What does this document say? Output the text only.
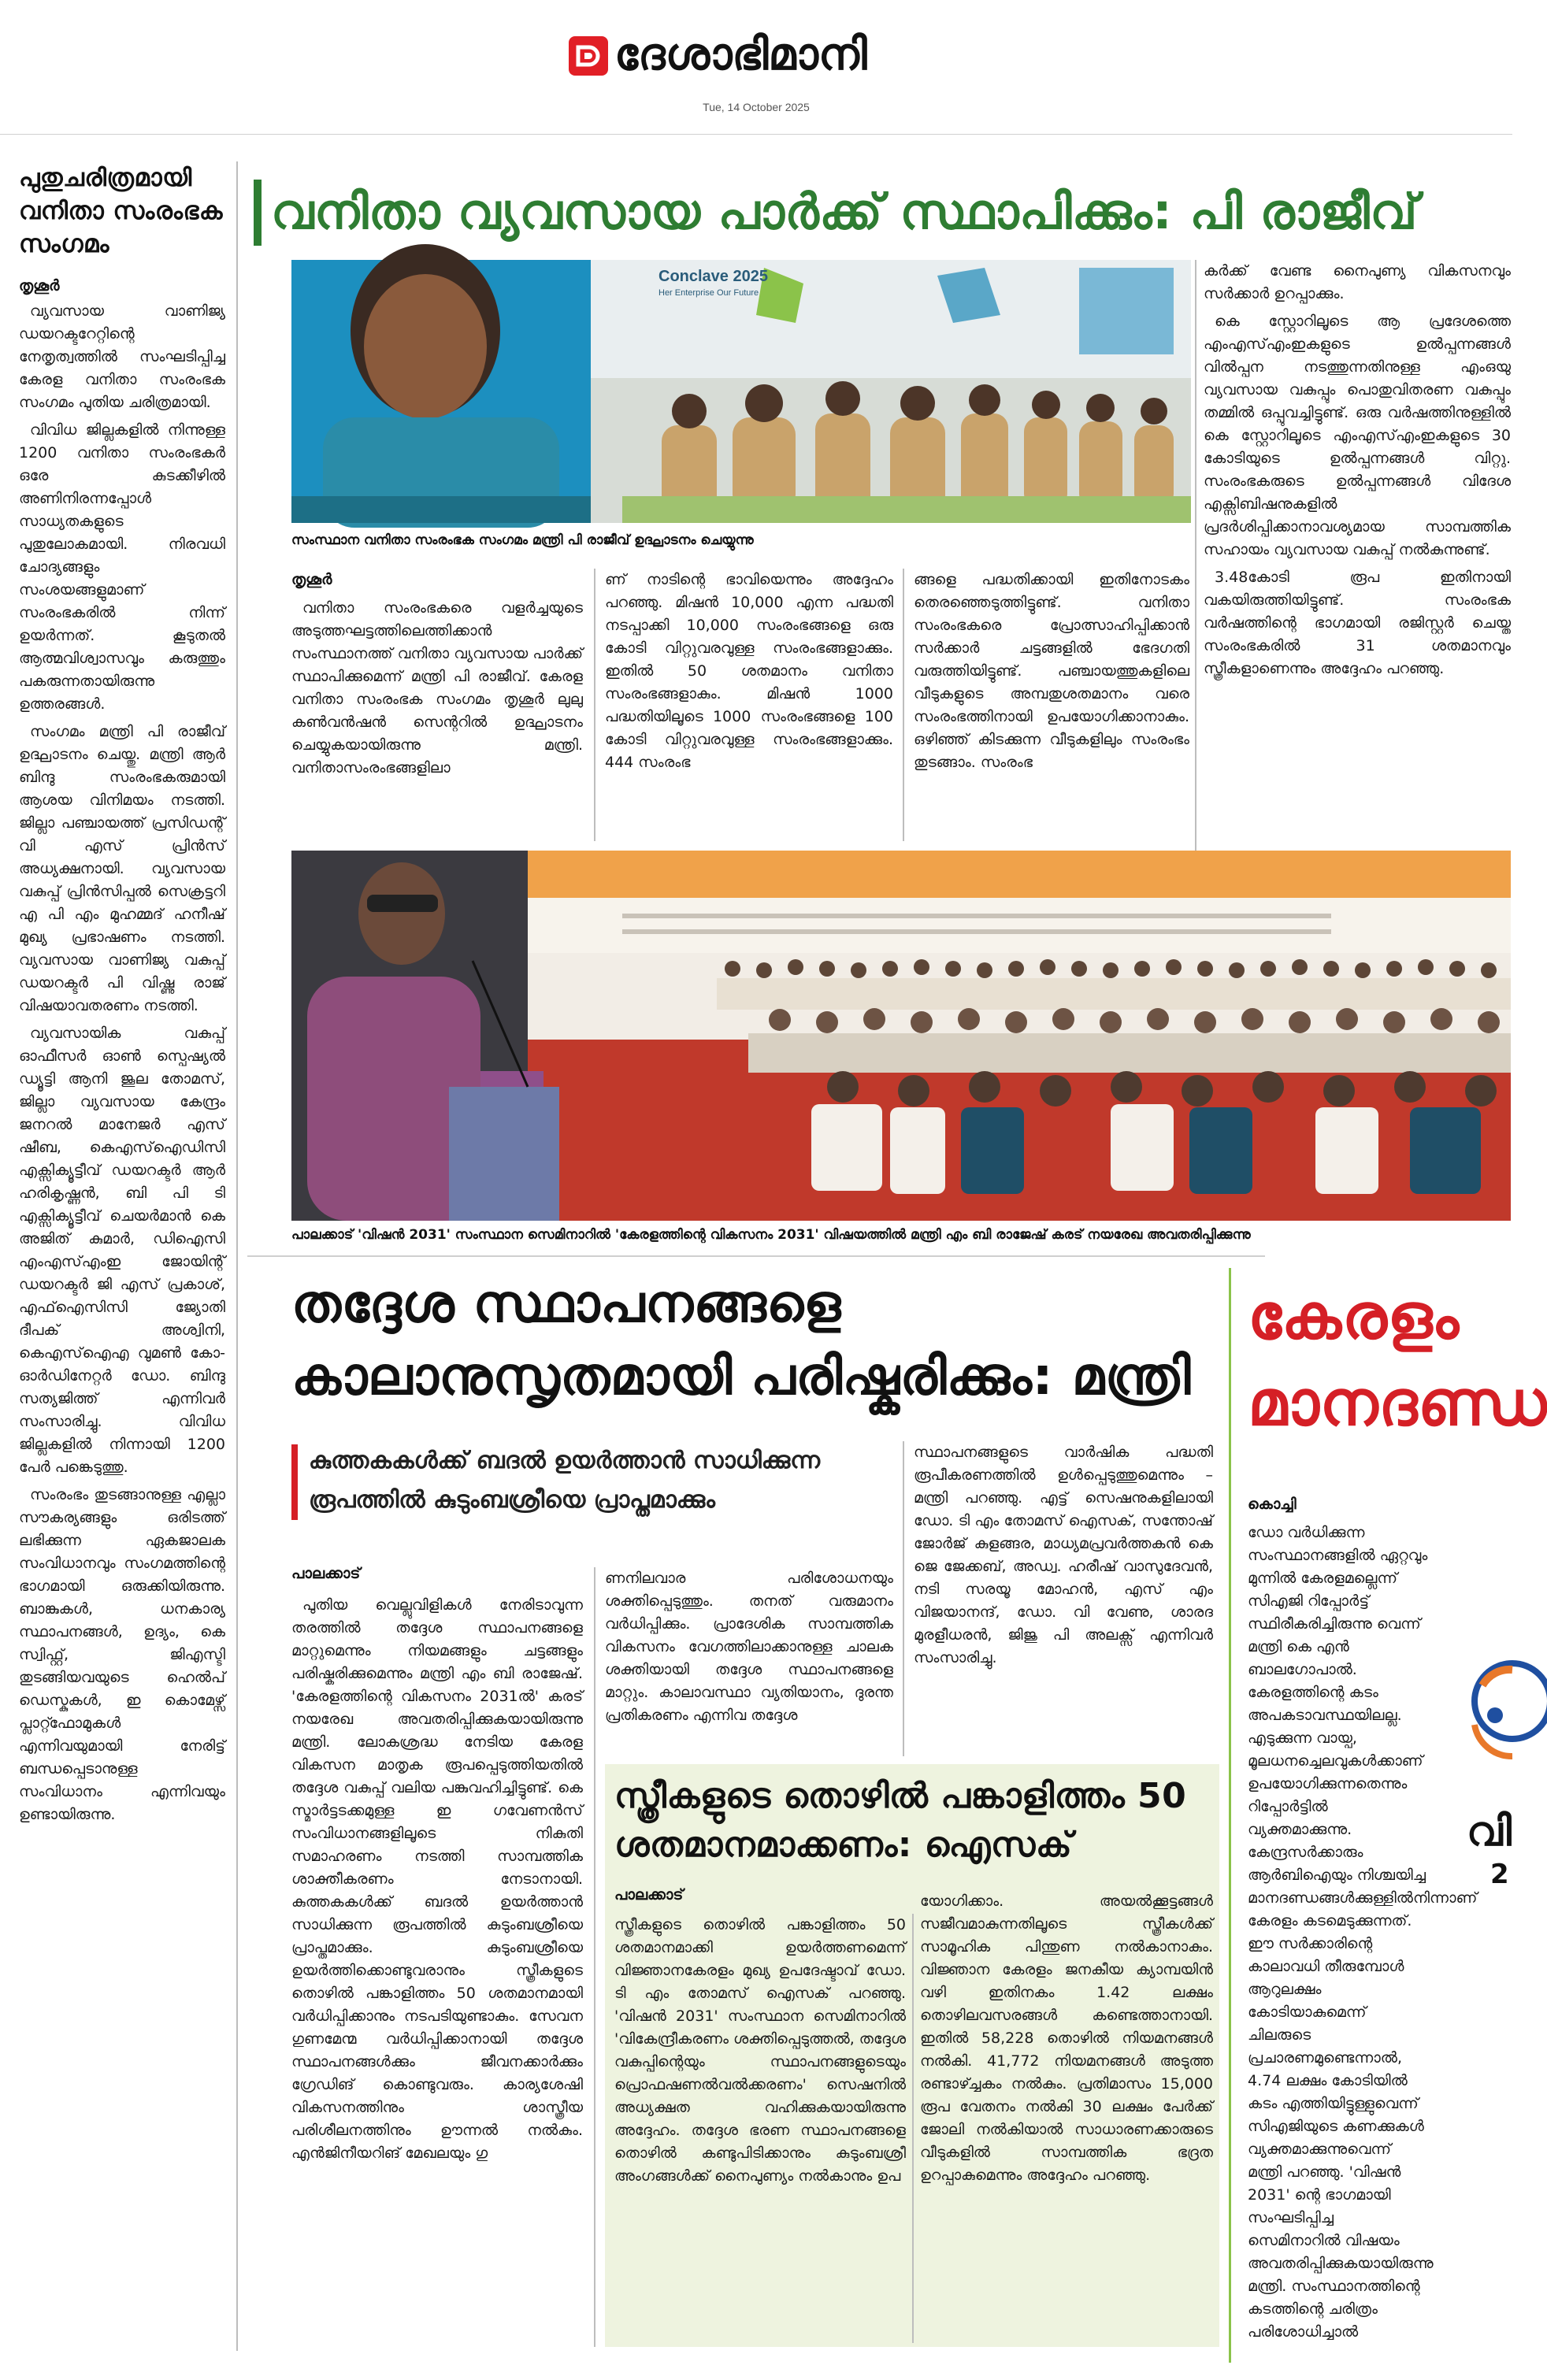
ദേശാഭിമാനി
Tue, 14 October 2025
പുതുചരിത്രമായി വനിതാ സംരംഭക സംഗമം
തൃശൂർ

വ്യവസായ വാണിജ്യ ഡയറക്ടറേറ്റിന്റെ നേതൃത്വത്തിൽ സംഘടിപ്പിച്ച കേരള വനിതാ സംരംഭക സംഗമം പുതിയ ചരിത്രമായി.

വിവിധ ജില്ലകളിൽ നിന്നുള്ള 1200 വനിതാ സംരംഭകർ ഒരേ കുടക്കീഴിൽ അണിനിരന്നപ്പോൾ സാധ്യതകളുടെ പുതുലോകമായി. നിരവധി ചോദ്യങ്ങളും സംശയങ്ങളുമാണ് സംരംഭകരിൽ നിന്ന് ഉയർന്നത്. കൂടുതൽ ആത്മവിശ്വാസവും കരുത്തും പകരുന്നതായിരുന്നു ഉത്തരങ്ങൾ.

സംഗമം മന്ത്രി പി രാജീവ് ഉദ്ഘാടനം ചെയ്തു. മന്ത്രി ആർ ബിന്ദു സംരംഭകരുമായി ആശയ വിനിമയം നടത്തി. ജില്ലാ പഞ്ചായത്ത് പ്രസിഡന്റ് വി എസ് പ്രിൻസ് അധ്യക്ഷനായി. വ്യവസായ വകുപ്പ് പ്രിൻസിപ്പൽ സെക്രട്ടറി എ പി എം മുഹമ്മദ് ഹനീഷ് മുഖ്യ പ്രഭാഷണം നടത്തി. വ്യവസായ വാണിജ്യ വകുപ്പ് ഡയറക്ടർ പി വിഷ്ണു രാജ് വിഷയാവതരണം നടത്തി.

വ്യവസായിക വകുപ്പ് ഓഫീസർ ഓൺ സ്പെഷ്യൽ ഡ്യൂട്ടി ആനി ജൂല തോമസ്, ജില്ലാ വ്യവസായ കേന്ദ്രം ജനറൽ മാനേജർ എസ് ഷീബ, കെഎസ്ഐഡിസി എക്സിക്യൂട്ടീവ് ഡയറക്ടർ ആർ ഹരികൃഷ്ണൻ, ബി പി ടി എക്സിക്യൂട്ടീവ് ചെയർമാൻ കെ അജിത് കുമാർ, ഡിഐസി എംഎസ്എംഇ ജോയിന്റ് ഡയറക്ടർ ജി എസ് പ്രകാശ്, എഫ്ഐസിസി ജ്യോതി ദീപക് അശ്വിനി, കെഎസ്ഐഎ വുമൺ കോ-ഓർഡിനേറ്റർ ഡോ. ബിന്ദു സത്യജിത്ത് എന്നിവർ സംസാരിച്ചു. വിവിധ ജില്ലകളിൽ നിന്നായി 1200 പേർ പങ്കെടുത്തു.

സംരംഭം തുടങ്ങാനുള്ള എല്ലാ സൗകര്യങ്ങളും ഒരിടത്ത് ലഭിക്കുന്ന ഏകജാലക സംവിധാനവും സംഗമത്തിന്റെ ഭാഗമായി ഒരുക്കിയിരുന്നു. ബാങ്കുകൾ, ധനകാര്യ സ്ഥാപനങ്ങൾ, ഉദ്യം, കെ സ്വിഫ്റ്റ്, ജിഎസ്ടി തുടങ്ങിയവയുടെ ഹെൽപ് ഡെസ്കുകൾ, ഇ കൊമേഴ്സ് പ്ലാറ്റ്ഫോമുകൾ എന്നിവയുമായി നേരിട്ട് ബന്ധപ്പെടാനുള്ള സംവിധാനം എന്നിവയും ഉണ്ടായിരുന്നു.

വനിതാ വ്യവസായ പാർക്ക് സ്ഥാപിക്കും: പി രാജീവ്
Conclave 2025
Her Enterprise Our Future
സംസ്ഥാന വനിതാ സംരംഭക സംഗമം മന്ത്രി പി രാജീവ് ഉദ്ഘാടനം ചെയ്യുന്നു

കർക്ക് വേണ്ട നൈപുണ്യ വികസനവും സർക്കാർ ഉറപ്പാക്കും.

കെ സ്റ്റോറിലൂടെ ആ പ്രദേശത്തെ എംഎസ്എംഇകളുടെ ഉൽപ്പന്നങ്ങൾ വിൽപ്പന നടത്തുന്നതിനുള്ള എംഒയു വ്യവസായ വകുപ്പും പൊതുവിതരണ വകുപ്പും തമ്മിൽ ഒപ്പുവച്ചിട്ടുണ്ട്. ഒരു വർഷത്തിനുള്ളിൽ കെ സ്റ്റോറിലൂടെ എംഎസ്എംഇകളുടെ 30 കോടിയുടെ ഉൽപ്പന്നങ്ങൾ വിറ്റു. സംരംഭകരുടെ ഉൽപ്പന്നങ്ങൾ വിദേശ എക്സിബിഷനുകളിൽ പ്രദർശിപ്പിക്കാനാവശ്യമായ സാമ്പത്തിക സഹായം വ്യവസായ വകുപ്പ് നൽകുന്നുണ്ട്.

3.48കോടി രൂപ ഇതിനായി വകയിരുത്തിയിട്ടുണ്ട്. സംരംഭക വർഷത്തിന്റെ ഭാഗമായി രജിസ്റ്റർ ചെയ്ത സംരംഭകരിൽ 31 ശതമാനവും സ്ത്രീകളാണെന്നും അദ്ദേഹം പറഞ്ഞു.

തൃശൂർ

വനിതാ സംരംഭകരെ വളർച്ചയുടെ അടുത്തഘട്ടത്തിലെത്തിക്കാൻ സംസ്ഥാനത്ത് വനിതാ വ്യവസായ പാർക്ക് സ്ഥാപിക്കുമെന്ന് മന്ത്രി പി രാജീവ്. കേരള വനിതാ സംരംഭക സംഗമം തൃശൂർ ലുലു കൺവൻഷൻ സെന്ററിൽ ഉദ്ഘാടനം ചെയ്യുകയായിരുന്നു മന്ത്രി. വനിതാസംരംഭങ്ങളിലാ

ണ് നാടിന്റെ ഭാവിയെന്നും അദ്ദേഹം പറഞ്ഞു. മിഷൻ 10,000 എന്ന പദ്ധതി നടപ്പാക്കി 10,000 സംരംഭങ്ങളെ ഒരു കോടി വിറ്റുവരവുള്ള സംരംഭങ്ങളാക്കും. ഇതിൽ 50 ശതമാനം വനിതാ സംരംഭങ്ങളാകും. മിഷൻ 1000 പദ്ധതിയിലൂടെ 1000 സംരംഭങ്ങളെ 100 കോടി വിറ്റുവരവുള്ള സംരംഭങ്ങളാക്കും. 444 സംരംഭ

ങ്ങളെ പദ്ധതിക്കായി ഇതിനോടകം തെരഞ്ഞെടുത്തിട്ടുണ്ട്. വനിതാ സംരംഭകരെ പ്രോത്സാഹിപ്പിക്കാൻ സർക്കാർ ചട്ടങ്ങളിൽ ഭേദഗതി വരുത്തിയിട്ടുണ്ട്. പഞ്ചായത്തുകളിലെ വീടുകളുടെ അമ്പതുശതമാനം വരെ സംരംഭത്തിനായി ഉപയോഗിക്കാനാകും. ഒഴിഞ്ഞ് കിടക്കുന്ന വീടുകളിലും സംരംഭം തുടങ്ങാം. സംരംഭ

പാലക്കാട് 'വിഷൻ 2031' സംസ്ഥാന സെമിനാറിൽ 'കേരളത്തിന്റെ വികസനം 2031' വിഷയത്തിൽ മന്ത്രി എം ബി രാജേഷ് കരട് നയരേഖ അവതരിപ്പിക്കുന്നു
തദ്ദേശ സ്ഥാപനങ്ങളെ കാലാനുസൃതമായി പരിഷ്കരിക്കും: മന്ത്രി
കുത്തകകൾക്ക് ബദൽ ഉയർത്താൻ സാധിക്കുന്ന രൂപത്തിൽ കുടുംബശ്രീയെ പ്രാപ്തമാക്കും
പാലക്കാട്

പുതിയ വെല്ലുവിളികൾ നേരിടാവുന്ന തരത്തിൽ തദ്ദേശ സ്ഥാപനങ്ങളെ മാറ്റുമെന്നും നിയമങ്ങളും ചട്ടങ്ങളും പരിഷ്കരിക്കുമെന്നും മന്ത്രി എം ബി രാജേഷ്. 'കേരളത്തിന്റെ വികസനം 2031ൽ' കരട് നയരേഖ അവതരിപ്പിക്കുകയായിരുന്നു മന്ത്രി. ലോകശ്രദ്ധ നേടിയ കേരള വികസന മാതൃക രൂപപ്പെടുത്തിയതിൽ തദ്ദേശ വകുപ്പ് വലിയ പങ്കുവഹിച്ചിട്ടുണ്ട്. കെ സ്മാർട്ടടക്കമുള്ള ഇ ഗവേണൻസ് സംവിധാനങ്ങളിലൂടെ നികുതി സമാഹരണം നടത്തി സാമ്പത്തിക ശാക്തീകരണം നേടാനായി. കുത്തകകൾക്ക് ബദൽ ഉയർത്താൻ സാധിക്കുന്ന രൂപത്തിൽ കുടുംബശ്രീയെ പ്രാപ്തമാക്കും. കുടുംബശ്രീയെ ഉയർത്തിക്കൊണ്ടുവരാനും സ്ത്രീകളുടെ തൊഴിൽ പങ്കാളിത്തം 50 ശതമാനമായി വർധിപ്പിക്കാനും നടപടിയുണ്ടാകും. സേവന ഗുണമേന്മ വർധിപ്പിക്കാനായി തദ്ദേശ സ്ഥാപനങ്ങൾക്കും ജീവനക്കാർക്കും ഗ്രേഡിങ് കൊണ്ടുവരും. കാര്യശേഷി വികസനത്തിനും ശാസ്ത്രീയ പരിശീലനത്തിനും ഊന്നൽ നൽകും. എൻജിനീയറിങ് മേഖലയും ഗു

ണനിലവാര പരിശോധനയും ശക്തിപ്പെടുത്തും. തനത് വരുമാനം വർധിപ്പിക്കും. പ്രാദേശിക സാമ്പത്തിക വികസനം വേഗത്തിലാക്കാനുള്ള ചാലക ശക്തിയായി തദ്ദേശ സ്ഥാപനങ്ങളെ മാറ്റും. കാലാവസ്ഥാ വ്യതിയാനം, ദുരന്ത പ്രതികരണം എന്നിവ തദ്ദേശ

സ്ഥാപനങ്ങളുടെ വാർഷിക പദ്ധതി രൂപീകരണത്തിൽ ഉൾപ്പെടുത്തുമെന്നും – മന്ത്രി പറഞ്ഞു. എട്ട് സെഷനുകളിലായി ഡോ. ടി എം തോമസ് ഐസക്, സന്തോഷ് ജോർജ് കുളങ്ങര, മാധ്യമപ്രവർത്തകൻ കെ ജെ ജേക്കബ്, അഡ്വ. ഹരീഷ് വാസുദേവൻ, നടി സരയൂ മോഹൻ, എസ് എം വിജയാനന്ദ്, ഡോ. വി വേണു, ശാരദ മുരളീധരൻ, ജിജു പി അലക്സ് എന്നിവർ സംസാരിച്ചു.

സ്ത്രീകളുടെ തൊഴിൽ പങ്കാളിത്തം 50 ശതമാനമാക്കണം: ഐസക്
പാലക്കാട്

സ്ത്രീകളുടെ തൊഴിൽ പങ്കാളിത്തം 50 ശതമാനമാക്കി ഉയർത്തണമെന്ന് വിജ്ഞാനകേരളം മുഖ്യ ഉപദേഷ്ടാവ് ഡോ. ടി എം തോമസ് ഐസക് പറഞ്ഞു. 'വിഷൻ 2031' സംസ്ഥാന സെമിനാറിൽ 'വികേന്ദ്രീകരണം ശക്തിപ്പെടുത്തൽ, തദ്ദേശ വകുപ്പിന്റെയും സ്ഥാപനങ്ങളുടെയും പ്രൊഫഷണൽവൽക്കരണം' സെഷനിൽ അധ്യക്ഷത വഹിക്കുകയായിരുന്നു അദ്ദേഹം. തദ്ദേശ ഭരണ സ്ഥാപനങ്ങളെ തൊഴിൽ കണ്ടുപിടിക്കാനും കുടുംബശ്രീ അംഗങ്ങൾക്ക് നൈപുണ്യം നൽകാനും ഉപ

യോഗിക്കാം. അയൽക്കൂട്ടങ്ങൾ സജീവമാകുന്നതിലൂടെ സ്ത്രീകൾക്ക് സാമൂഹിക പിന്തുണ നൽകാനാകും. വിജ്ഞാന കേരളം ജനകീയ ക്യാമ്പയിൻ വഴി ഇതിനകം 1.42 ലക്ഷം തൊഴിലവസരങ്ങൾ കണ്ടെത്താനായി. ഇതിൽ 58,228 തൊഴിൽ നിയമനങ്ങൾ നൽകി. 41,772 നിയമനങ്ങൾ അടുത്ത രണ്ടാഴ്ച്ചകം നൽകും. പ്രതിമാസം 15,000 രൂപ വേതനം നൽകി 30 ലക്ഷം പേർക്ക് ജോലി നൽകിയാൽ സാധാരണക്കാരുടെ വീടുകളിൽ സാമ്പത്തിക ഭദ്രത ഉറപ്പാകുമെന്നും അദ്ദേഹം പറഞ്ഞു.

കേരളം
മാനദണ്ഡ
കൊച്ചി

ഡോ വർധിക്കുന്ന സംസ്ഥാനങ്ങളിൽ ഏറ്റവും മുന്നിൽ കേരളമല്ലെന്ന് സിഎജി റിപ്പോർട്ട് സ്ഥിരീകരിച്ചിരുന്നു വെന്ന് മന്ത്രി കെ എൻ ബാലഗോപാൽ. കേരളത്തിന്റെ കടം അപകടാവസ്ഥയിലല്ല. എടുക്കുന്ന വായ്പ, മൂലധനച്ചെലവുകൾക്കാണ് ഉപയോഗിക്കുന്നതെന്നും റിപ്പോർട്ടിൽ വ്യക്തമാക്കുന്നു. കേന്ദ്രസർക്കാരും ആർബിഐയും നിശ്ചയിച്ച മാനദണ്ഡങ്ങൾക്കുള്ളിൽനിന്നാണ് കേരളം കടമെടുക്കുന്നത്. ഈ സർക്കാരിന്റെ കാലാവധി തീരുമ്പോൾ ആറുലക്ഷം കോടിയാകുമെന്ന് ചിലരുടെ പ്രചാരണമുണ്ടെന്നാൽ, 4.74 ലക്ഷം കോടിയിൽ കടം എത്തിയിട്ടുള്ളുവെന്ന് സിഎജിയുടെ കണക്കുകൾ വ്യക്തമാക്കുന്നുവെന്ന് മന്ത്രി പറഞ്ഞു. 'വിഷൻ 2031' ന്റെ ഭാഗമായി സംഘടിപ്പിച്ച സെമിനാറിൽ വിഷയം അവതരിപ്പിക്കുകയായിരുന്നു മന്ത്രി. സംസ്ഥാനത്തിന്റെ കടത്തിന്റെ ചരിത്രം പരിശോധിച്ചാൽ

വി
2
